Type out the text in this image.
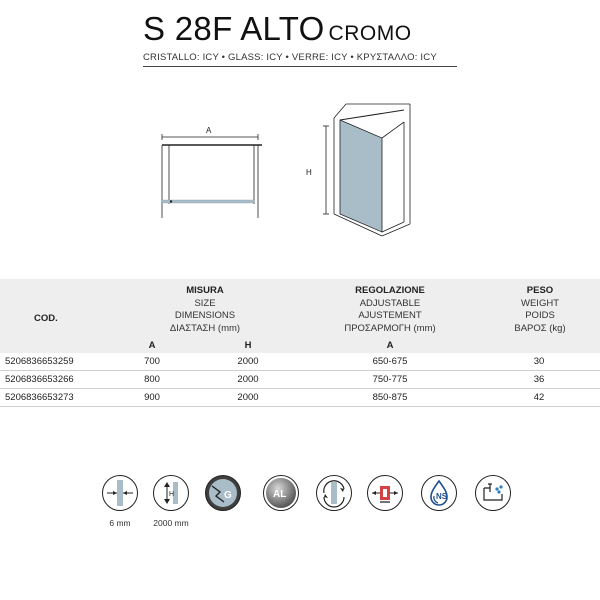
S 28F ALTO CROMO
CRISTALLO: ICY • GLASS: ICY • VERRE: ICY • ΚΡΥΣΤΑΛΛΟ: ICY
A
H
COD.
MISURA
SIZE
DIMENSIONS
ΔΙΑΣΤΑΣΗ (mm)
REGOLAZIONE
ADJUSTABLE
AJUSTEMENT
ΠΡΟΣΑΡΜΟΓΗ (mm)
PESO
WEIGHT
POIDS
ΒΑΡΟΣ (kg)
A	H	A
5206836653259	700	2000	650-675	30
5206836653266	800	2000	750-775	36
5206836653273	900	2000	850-875	42
6 mm
H
2000 mm
G	AL	NS
